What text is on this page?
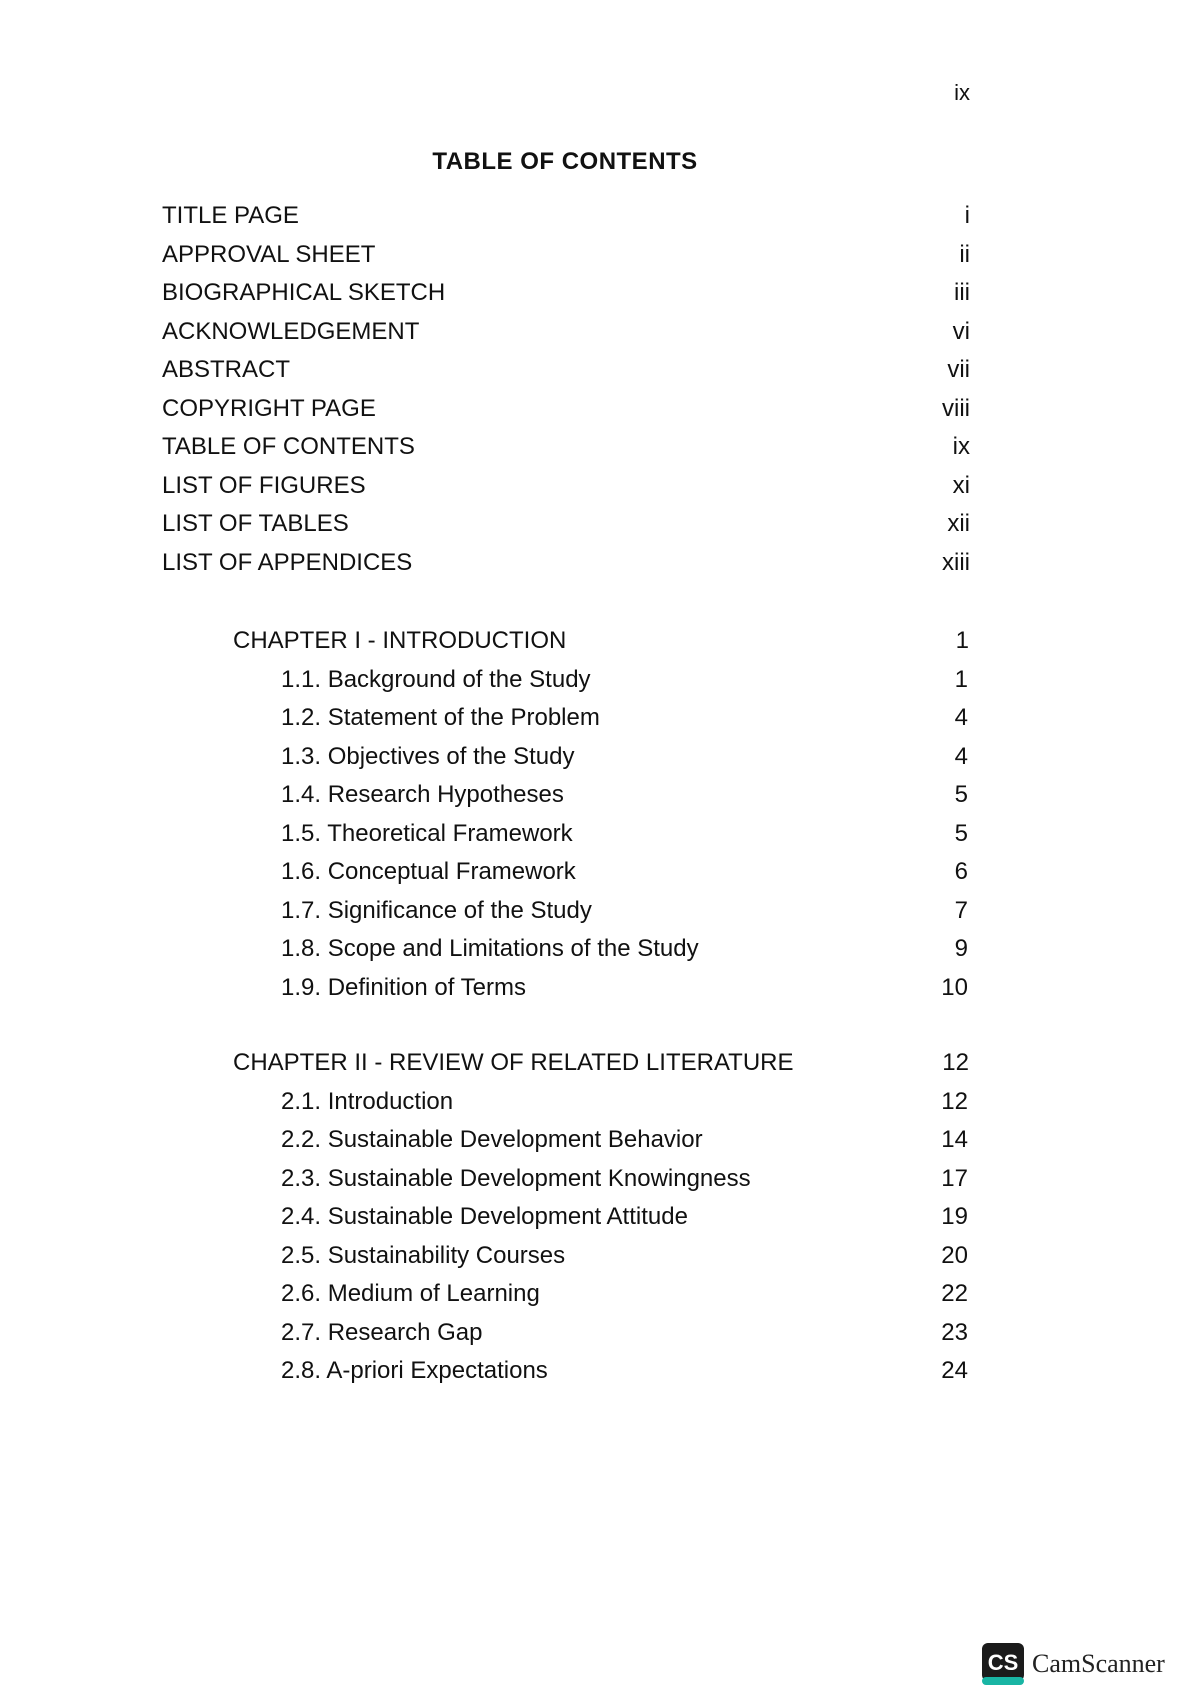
ix
TABLE OF CONTENTS
TITLE PAGE	i
APPROVAL SHEET	ii
BIOGRAPHICAL SKETCH	iii
ACKNOWLEDGEMENT	vi
ABSTRACT	vii
COPYRIGHT PAGE	viii
TABLE OF CONTENTS	ix
LIST OF FIGURES	xi
LIST OF TABLES	xii
LIST OF APPENDICES	xiii
CHAPTER I - INTRODUCTION	1
1.1. Background of the Study	1
1.2. Statement of the Problem	4
1.3. Objectives of the Study	4
1.4. Research Hypotheses	5
1.5. Theoretical Framework	5
1.6. Conceptual Framework	6
1.7. Significance of the Study	7
1.8. Scope and Limitations of the Study	9
1.9. Definition of Terms	10
CHAPTER II - REVIEW OF RELATED LITERATURE	12
2.1. Introduction	12
2.2. Sustainable Development Behavior	14
2.3. Sustainable Development Knowingness	17
2.4. Sustainable Development Attitude	19
2.5. Sustainability Courses	20
2.6. Medium of Learning	22
2.7. Research Gap	23
2.8. A-priori Expectations	24
CS CamScanner
